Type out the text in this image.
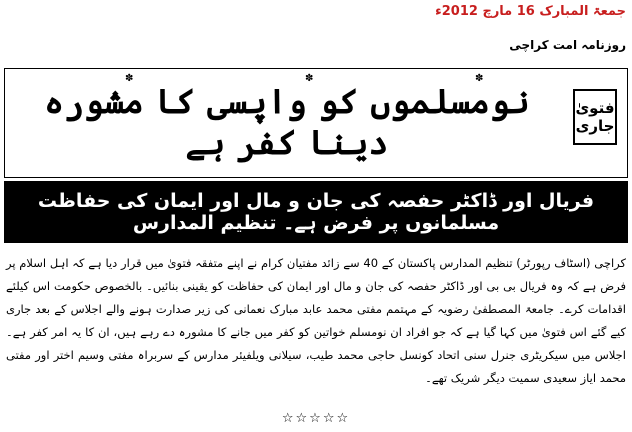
جمعۃ المبارک 16 مارچ 2012ء
روزنامہ امت کراچی
✽	✽	✽
نومسلموں کو واپسی کا مشورہ دینا کفر ہے
فتویٰ
جاری
فریال اور ڈاکٹر حفصہ کی جان و مال اور ایمان کی حفاظت مسلمانوں پر فرض ہے۔ تنظیم المدارس
کراچی (اسٹاف رپورٹر) تنظیم المدارس پاکستان کے 40 سے زائد مفتیان کرام نے اپنے متفقہ فتویٰ میں قرار دیا ہے کہ اہل اسلام پر فرض ہے کہ وہ فریال بی بی اور ڈاکٹر حفصہ کی جان و مال اور ایمان کی حفاظت کو یقینی بنائیں۔ بالخصوص حکومت اس کیلئے اقدامات کرے۔ جامعۃ المصطفیٰ رضویہ کے مہتمم مفتی محمد عابد مبارک نعمانی کی زیر صدارت ہونے والے اجلاس کے بعد جاری کیے گئے اس فتویٰ میں کہا گیا ہے کہ جو افراد ان نومسلم خواتین کو کفر میں جانے کا مشورہ دے رہے ہیں، ان کا یہ امر کفر ہے۔ اجلاس میں سیکریٹری جنرل سنی اتحاد کونسل حاجی محمد طیب، سیلانی ویلفیئر مدارس کے سربراہ مفتی وسیم اختر اور مفتی محمد ایاز سعیدی سمیت دیگر شریک تھے۔
☆☆☆☆☆
